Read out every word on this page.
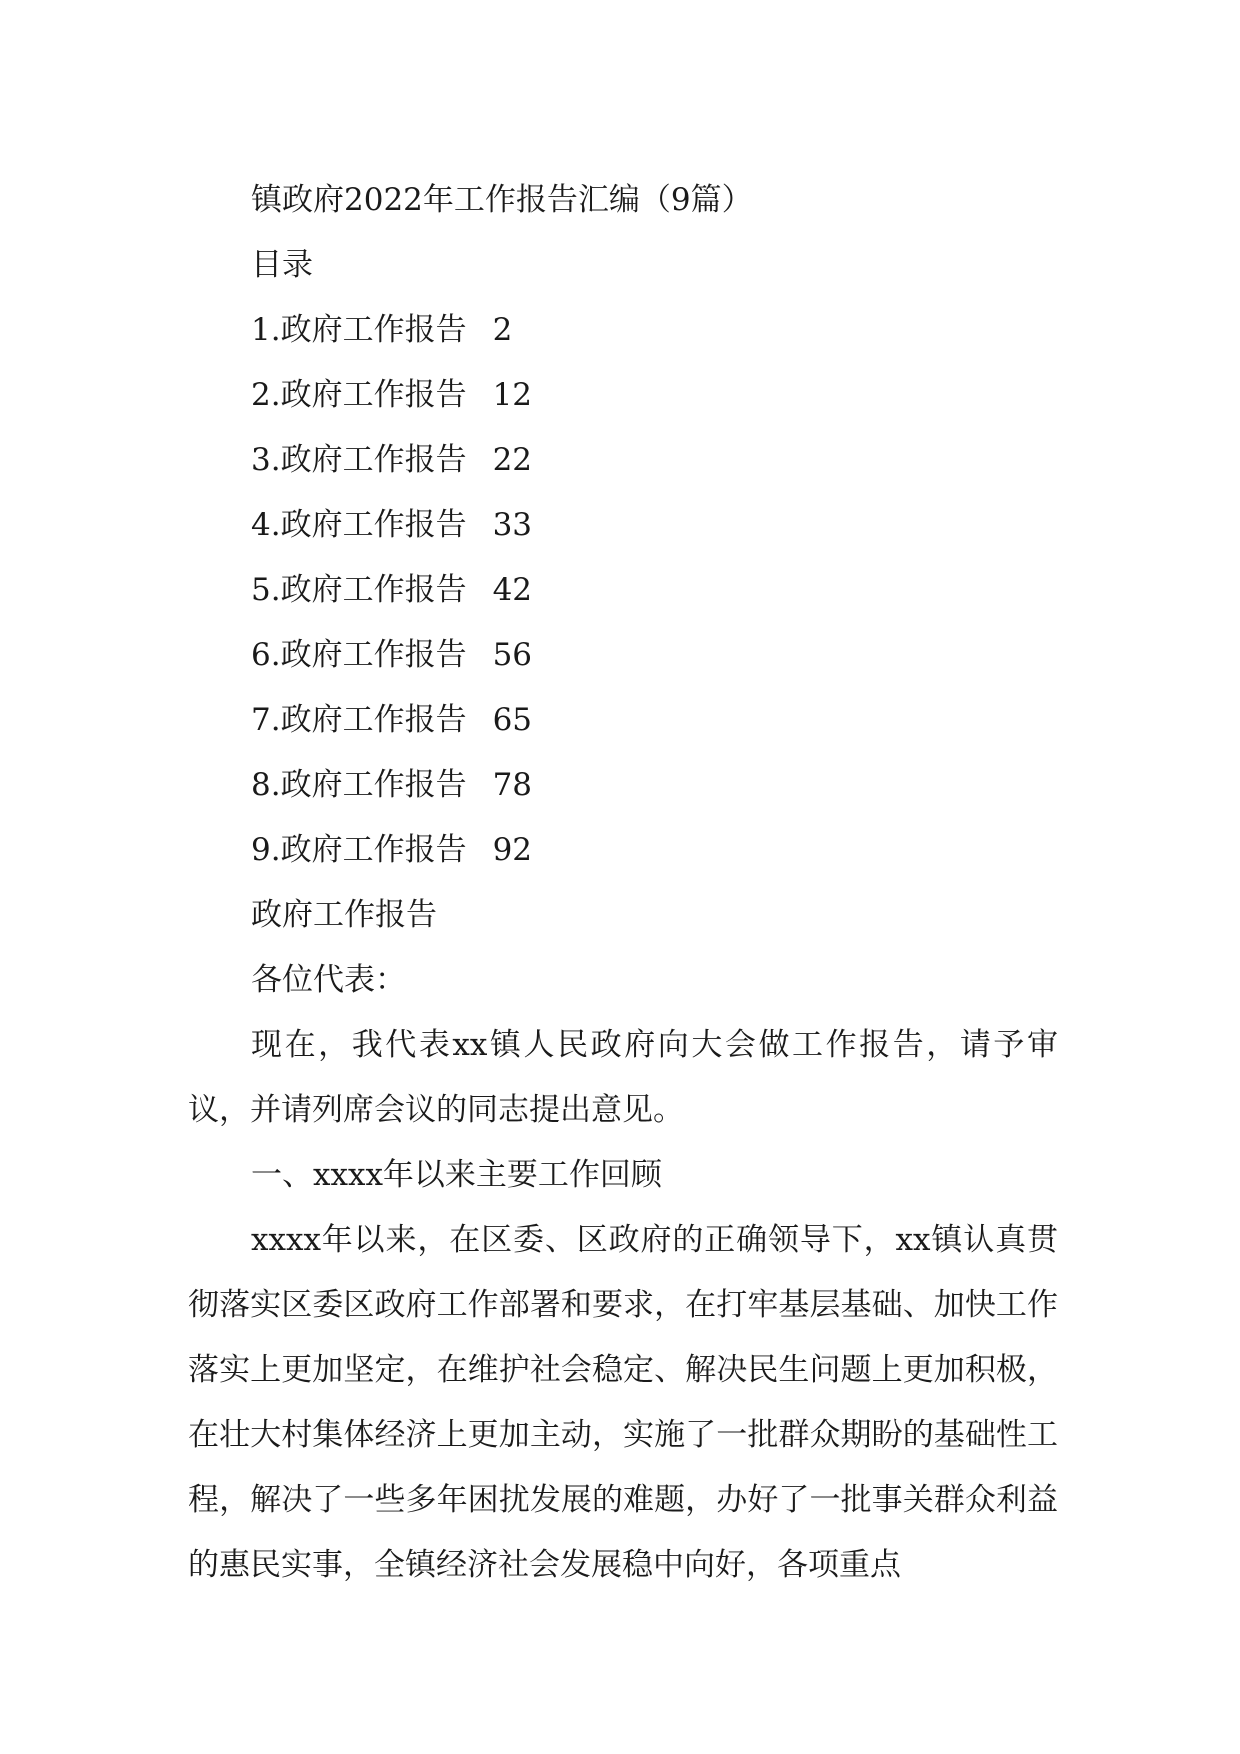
镇政府2022年工作报告汇编（9篇）

目录

1.政府工作报告 2
2.政府工作报告 12
3.政府工作报告 22
4.政府工作报告 33
5.政府工作报告 42
6.政府工作报告 56
7.政府工作报告 65
8.政府工作报告 78
9.政府工作报告 92

政府工作报告

各位代表：

现在，我代表xx镇人民政府向大会做工作报告，请予审议，并请列席会议的同志提出意见。

一、xxxx年以来主要工作回顾

xxxx年以来，在区委、区政府的正确领导下，xx镇认真贯彻落实区委区政府工作部署和要求，在打牢基层基础、加快工作落实上更加坚定，在维护社会稳定、解决民生问题上更加积极，在壮大村集体经济上更加主动，实施了一批群众期盼的基础性工程，解决了一些多年困扰发展的难题，办好了一批事关群众利益的惠民实事，全镇经济社会发展稳中向好，各项重点
